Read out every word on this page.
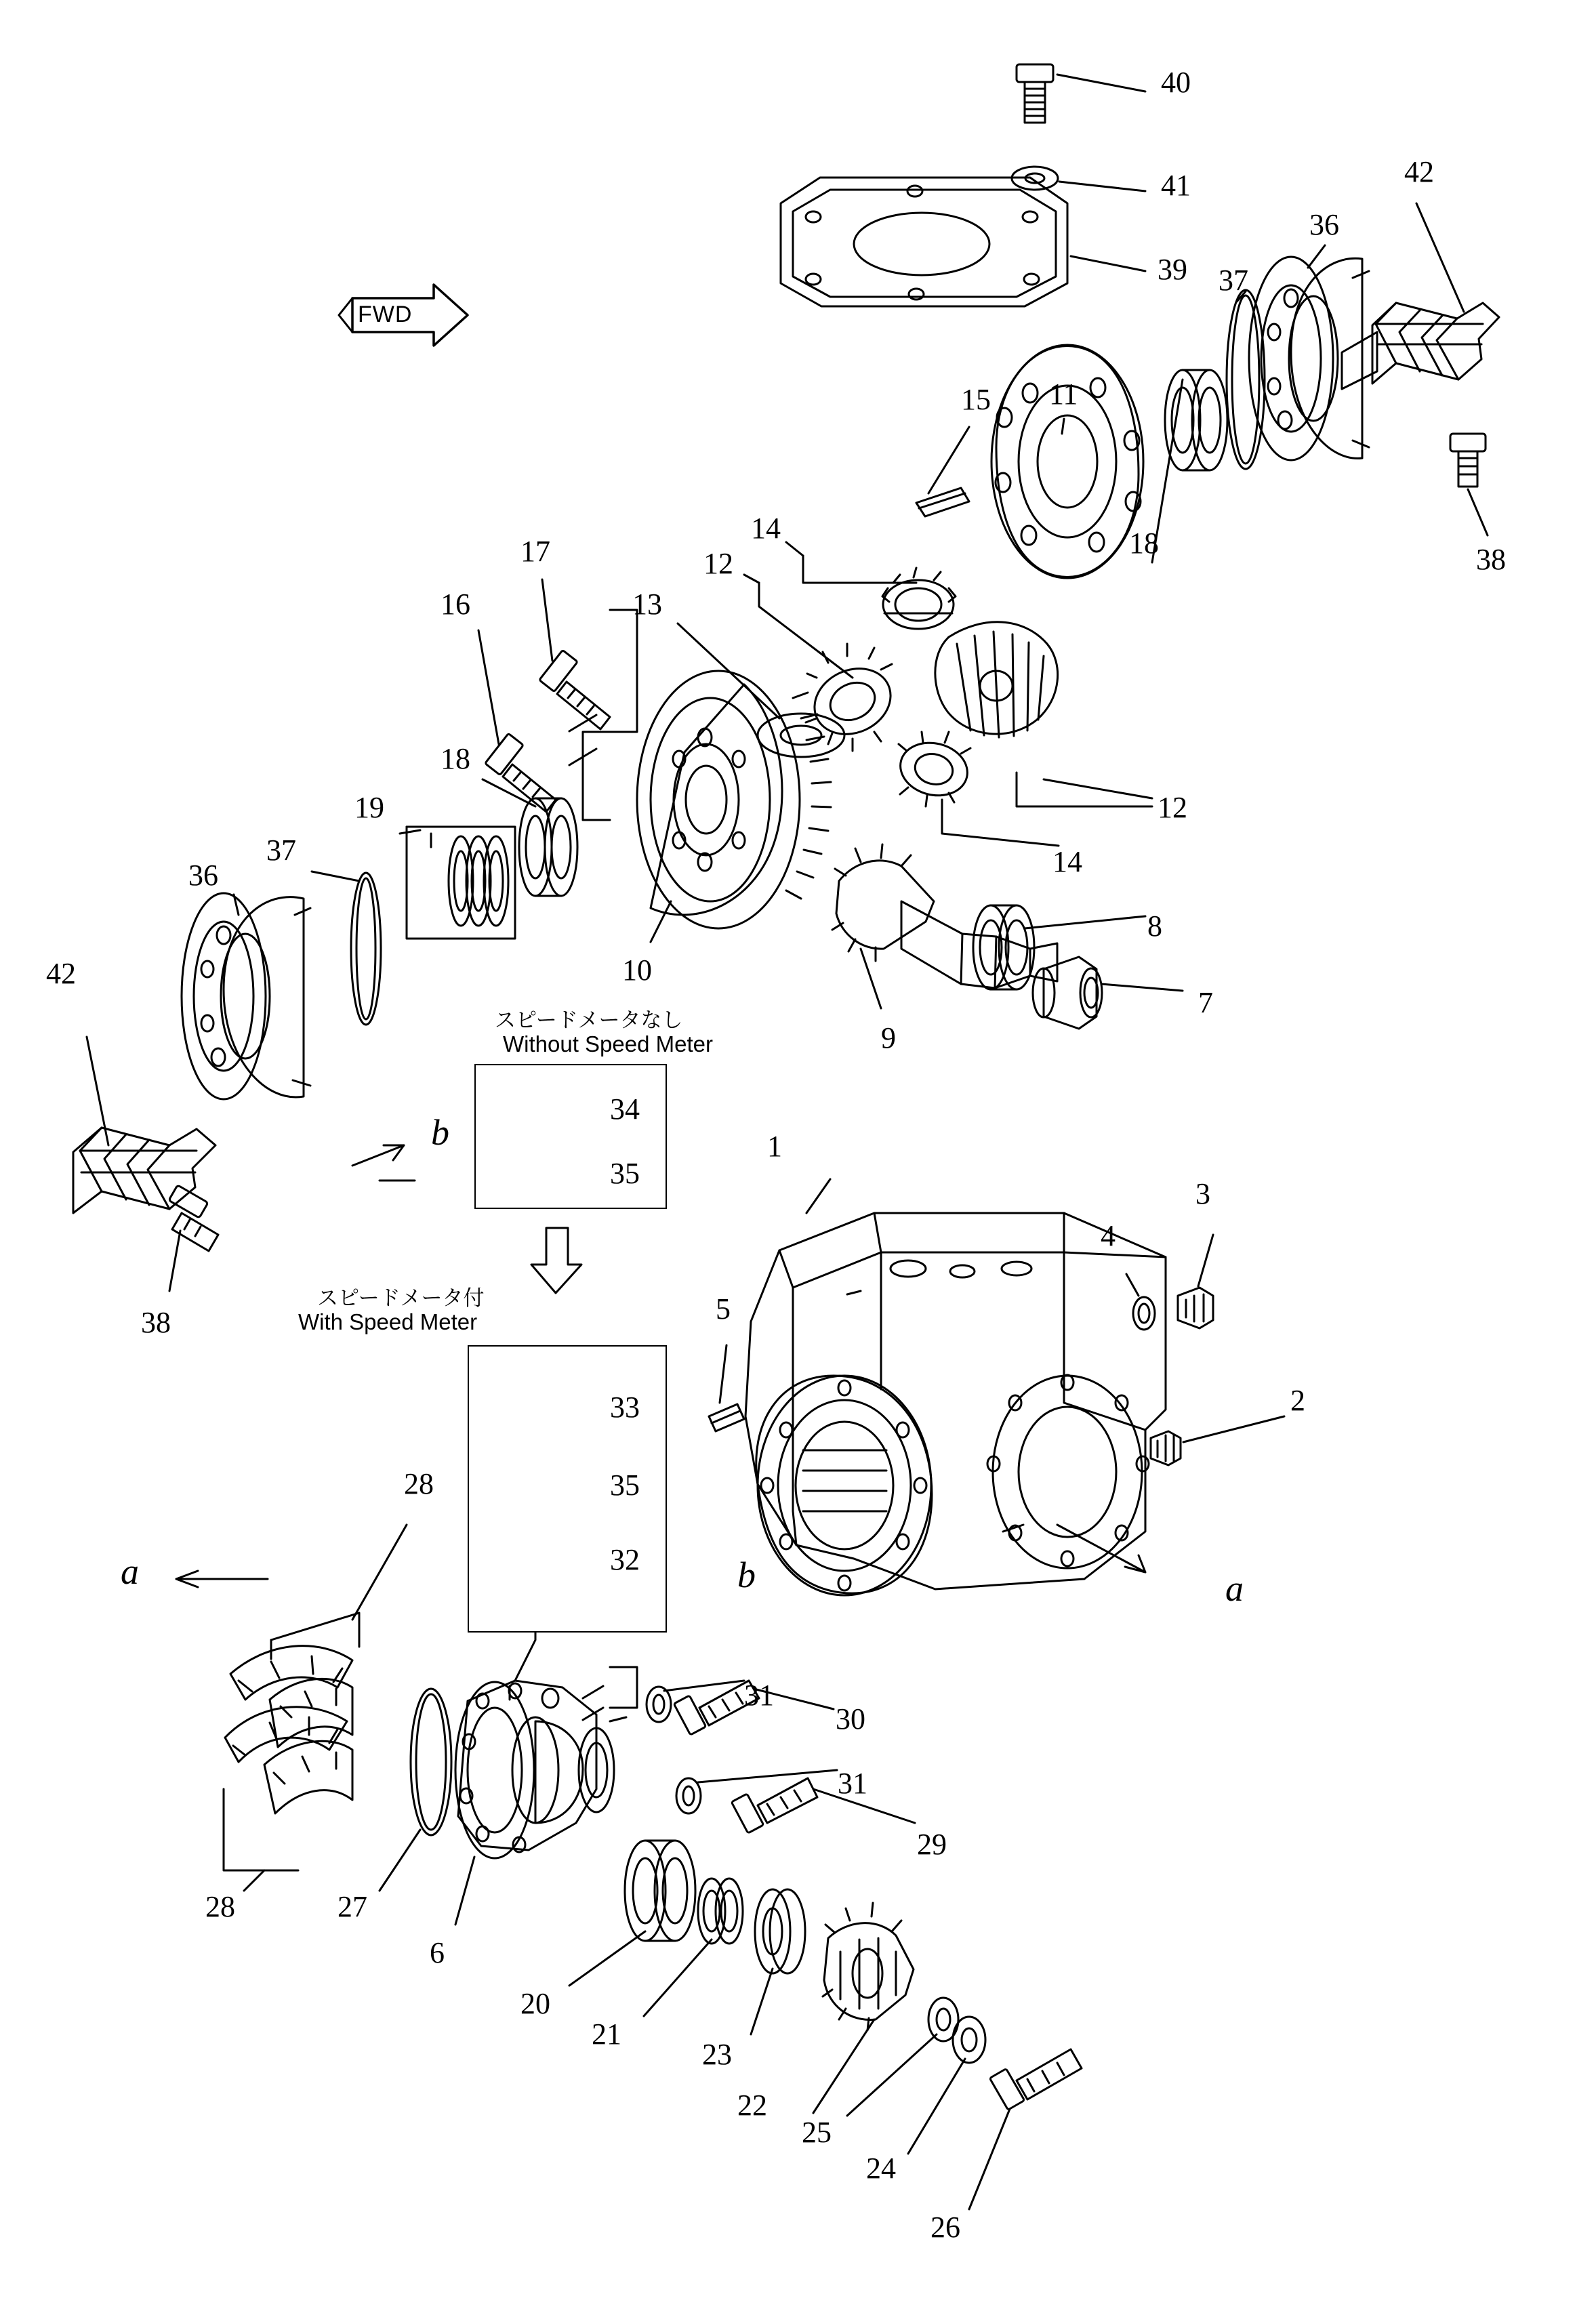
FWD
スピードメータなし
Without Speed Meter
スピードメータ付
With Speed Meter
40
41
39
42
36
37
18	38
15 11
14
12
13
16
17
12
14
18
19
37
36
42	10
9
8
7
38
34
35
33
35
32
1
3
4
2
5
28
28	27
6
20
21
23
22
25
24
26
29
31
30
31
a	a
b
b
